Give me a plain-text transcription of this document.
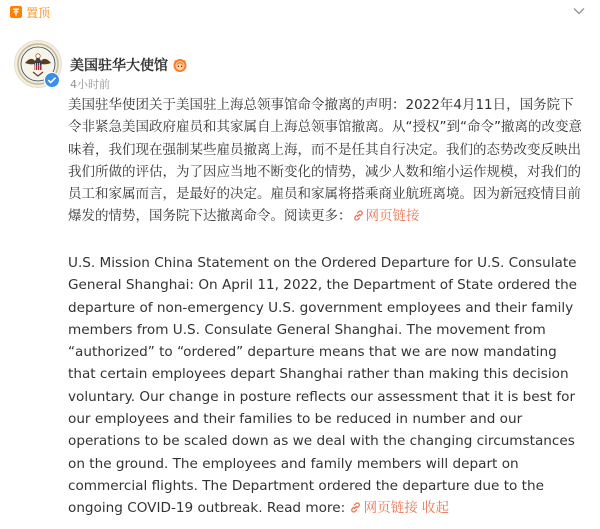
置顶
美国驻华大使馆
4小时前

美国驻华使团关于美国驻上海总领事馆命令撤离的声明：2022年4月11日，国务院下令非紧急美国政府雇员和其家属自上海总领事馆撤离。从“授权”到“命令”撤离的改变意味着，我们现在强制某些雇员撤离上海，而不是任其自行决定。我们的态势改变反映出我们所做的评估，为了因应当地不断变化的情势，减少人数和缩小运作规模，对我们的员工和家属而言，是最好的决定。雇员和家属将搭乘商业航班离境。因为新冠疫情目前爆发的情势，国务院下达撤离命令。阅读更多： 网页链接

U.S. Mission China Statement on the Ordered Departure for U.S. Consulate General Shanghai: On April 11, 2022, the Department of State ordered the departure of non-emergency U.S. government employees and their family members from U.S. Consulate General Shanghai. The movement from “authorized” to “ordered” departure means that we are now mandating that certain employees depart Shanghai rather than making this decision voluntary. Our change in posture reflects our assessment that it is best for our employees and their families to be reduced in number and our operations to be scaled down as we deal with the changing circumstances on the ground. The employees and family members will depart on commercial flights. The Department ordered the departure due to the ongoing COVID-19 outbreak. Read more: 网页链接 收起
